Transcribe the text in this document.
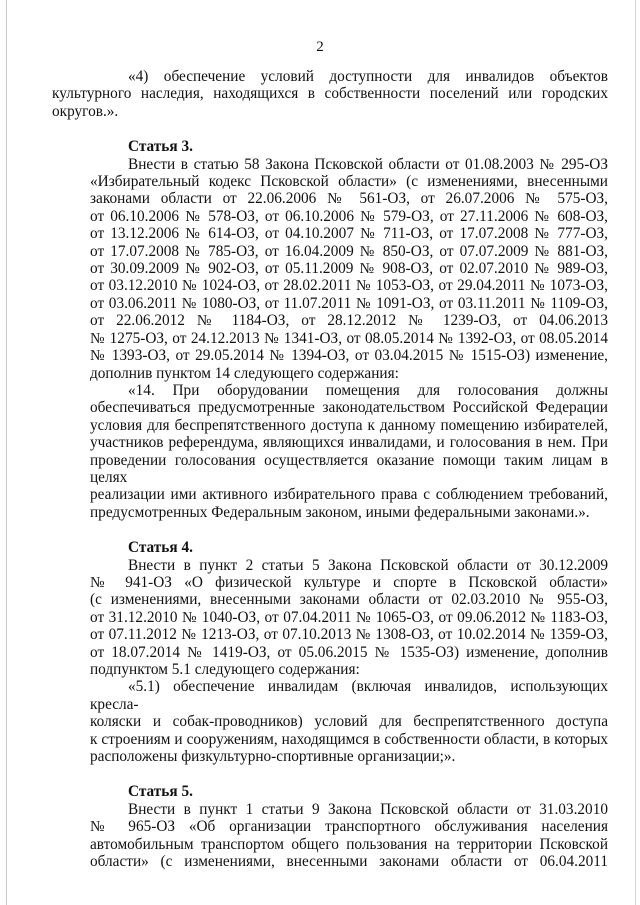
2
«4) обеспечение условий доступности для инвалидов объектов
культурного наследия, находящихся в собственности поселений или городских
округов.».
Статья 3.
Внести в статью 58 Закона Псковской области от 01.08.2003 № 295-ОЗ
«Избирательный кодекс Псковской области» (с изменениями, внесенными
законами области от 22.06.2006 № 561-ОЗ, от 26.07.2006 № 575-ОЗ,
от 06.10.2006 № 578-ОЗ, от 06.10.2006 № 579-ОЗ, от 27.11.2006 № 608-ОЗ,
от 13.12.2006 № 614-ОЗ, от 04.10.2007 № 711-ОЗ, от 17.07.2008 № 777-ОЗ,
от 17.07.2008 № 785-ОЗ, от 16.04.2009 № 850-ОЗ, от 07.07.2009 № 881-ОЗ,
от 30.09.2009 № 902-ОЗ, от 05.11.2009 № 908-ОЗ, от 02.07.2010 № 989-ОЗ,
от 03.12.2010 № 1024-ОЗ, от 28.02.2011 № 1053-ОЗ, от 29.04.2011 № 1073-ОЗ,
от 03.06.2011 № 1080-ОЗ, от 11.07.2011 № 1091-ОЗ, от 03.11.2011 № 1109-ОЗ,
от 22.06.2012 № 1184-ОЗ, от 28.12.2012 № 1239-ОЗ, от 04.06.2013
№ 1275-ОЗ, от 24.12.2013 № 1341-ОЗ, от 08.05.2014 № 1392-ОЗ, от 08.05.2014
№ 1393-ОЗ, от 29.05.2014 № 1394-ОЗ, от 03.04.2015 № 1515-ОЗ) изменение,
дополнив пунктом 14 следующего содержания:
«14. При оборудовании помещения для голосования должны
обеспечиваться предусмотренные законодательством Российской Федерации
условия для беспрепятственного доступа к данному помещению избирателей,
участников референдума, являющихся инвалидами, и голосования в нем. При
проведении голосования осуществляется оказание помощи таким лицам в целях
реализации ими активного избирательного права с соблюдением требований,
предусмотренных Федеральным законом, иными федеральными законами.».
Статья 4.
Внести в пункт 2 статьи 5 Закона Псковской области от 30.12.2009
№ 941-ОЗ «О физической культуре и спорте в Псковской области»
(с изменениями, внесенными законами области от 02.03.2010 № 955-ОЗ,
от 31.12.2010 № 1040-ОЗ, от 07.04.2011 № 1065-ОЗ, от 09.06.2012 № 1183-ОЗ,
от 07.11.2012 № 1213-ОЗ, от 07.10.2013 № 1308-ОЗ, от 10.02.2014 № 1359-ОЗ,
от 18.07.2014 № 1419-ОЗ, от 05.06.2015 № 1535-ОЗ) изменение, дополнив
подпунктом 5.1 следующего содержания:
«5.1) обеспечение инвалидам (включая инвалидов, использующих кресла-
коляски и собак-проводников) условий для беспрепятственного доступа
к строениям и сооружениям, находящимся в собственности области, в которых
расположены физкультурно-спортивные организации;».
Статья 5.
Внести в пункт 1 статьи 9 Закона Псковской области от 31.03.2010
№ 965-ОЗ «Об организации транспортного обслуживания населения
автомобильным транспортом общего пользования на территории Псковской
области» (с изменениями, внесенными законами области от 06.04.2011
